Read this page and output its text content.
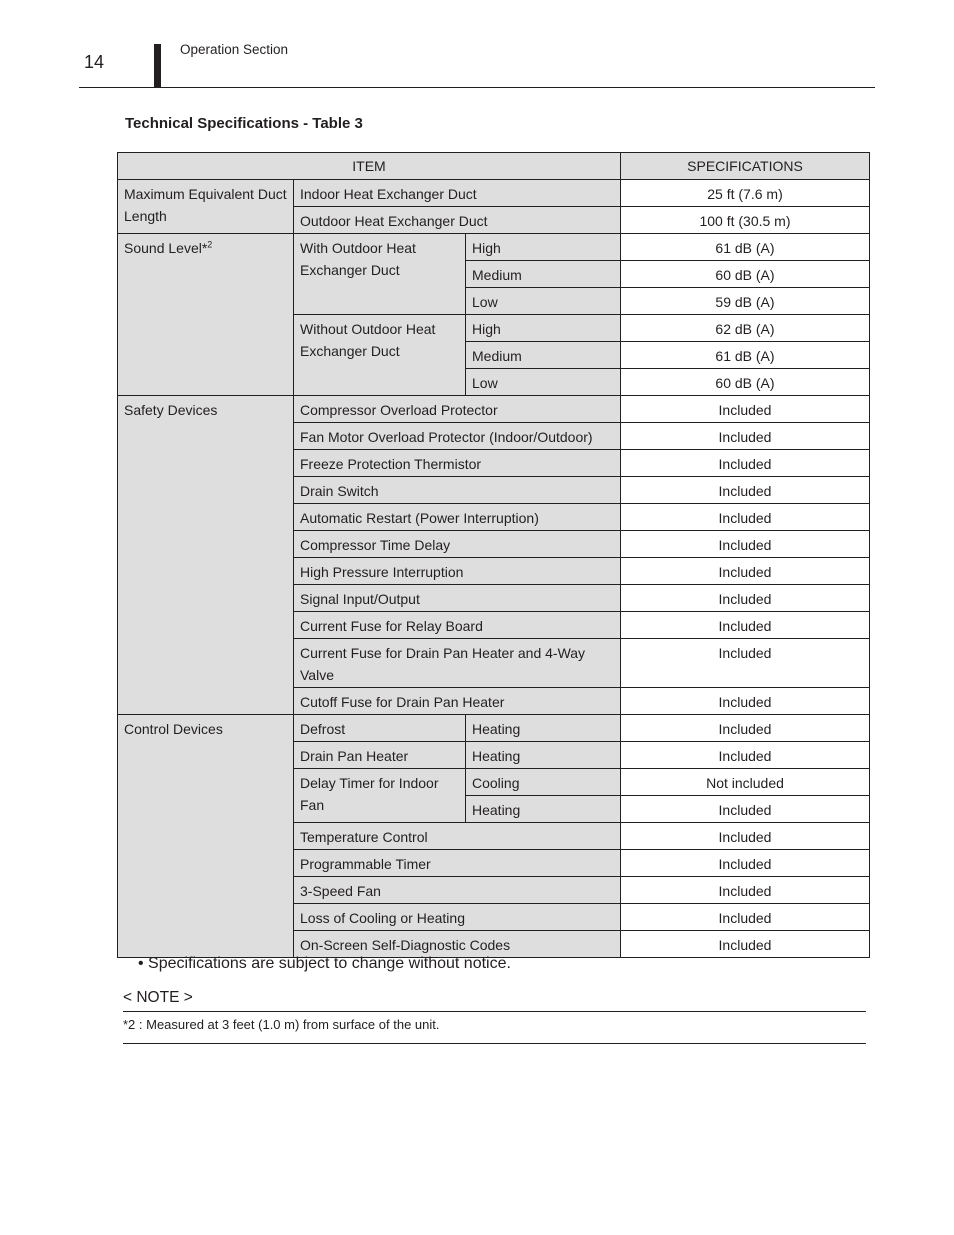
14
Operation Section
Technical Specifications - Table 3
ITEM			SPECIFICATIONS
Maximum Equivalent Duct Length	Indoor Heat Exchanger Duct		25 ft (7.6 m)
	Outdoor Heat Exchanger Duct		100 ft (30.5 m)
Sound Level*$^2$	With Outdoor Heat Exchanger Duct	High	61 dB (A)
		Medium	60 dB (A)
		Low	59 dB (A)
	Without Outdoor Heat Exchanger Duct	High	62 dB (A)
		Medium	61 dB (A)
		Low	60 dB (A)
Safety Devices	Compressor Overload Protector		Included
	Fan Motor Overload Protector (Indoor/Outdoor)		Included
	Freeze Protection Thermistor		Included
	Drain Switch		Included
	Automatic Restart (Power Interruption)		Included
	Compressor Time Delay		Included
	High Pressure Interruption		Included
	Signal Input/Output		Included
	Current Fuse for Relay Board		Included
	Current Fuse for Drain Pan Heater and 4-Way Valve		Included
	Cutoff Fuse for Drain Pan Heater		Included
Control Devices	Defrost	Heating	Included
	Drain Pan Heater	Heating	Included
	Delay Timer for Indoor Fan	Cooling	Not included
		Heating	Included
	Temperature Control		Included
	Programmable Timer		Included
	3-Speed Fan		Included
	Loss of Cooling or Heating		Included
	On-Screen Self-Diagnostic Codes		Included
• Specifications are subject to change without notice.
< NOTE >
*2 : Measured at 3 feet (1.0 m) from surface of the unit.
